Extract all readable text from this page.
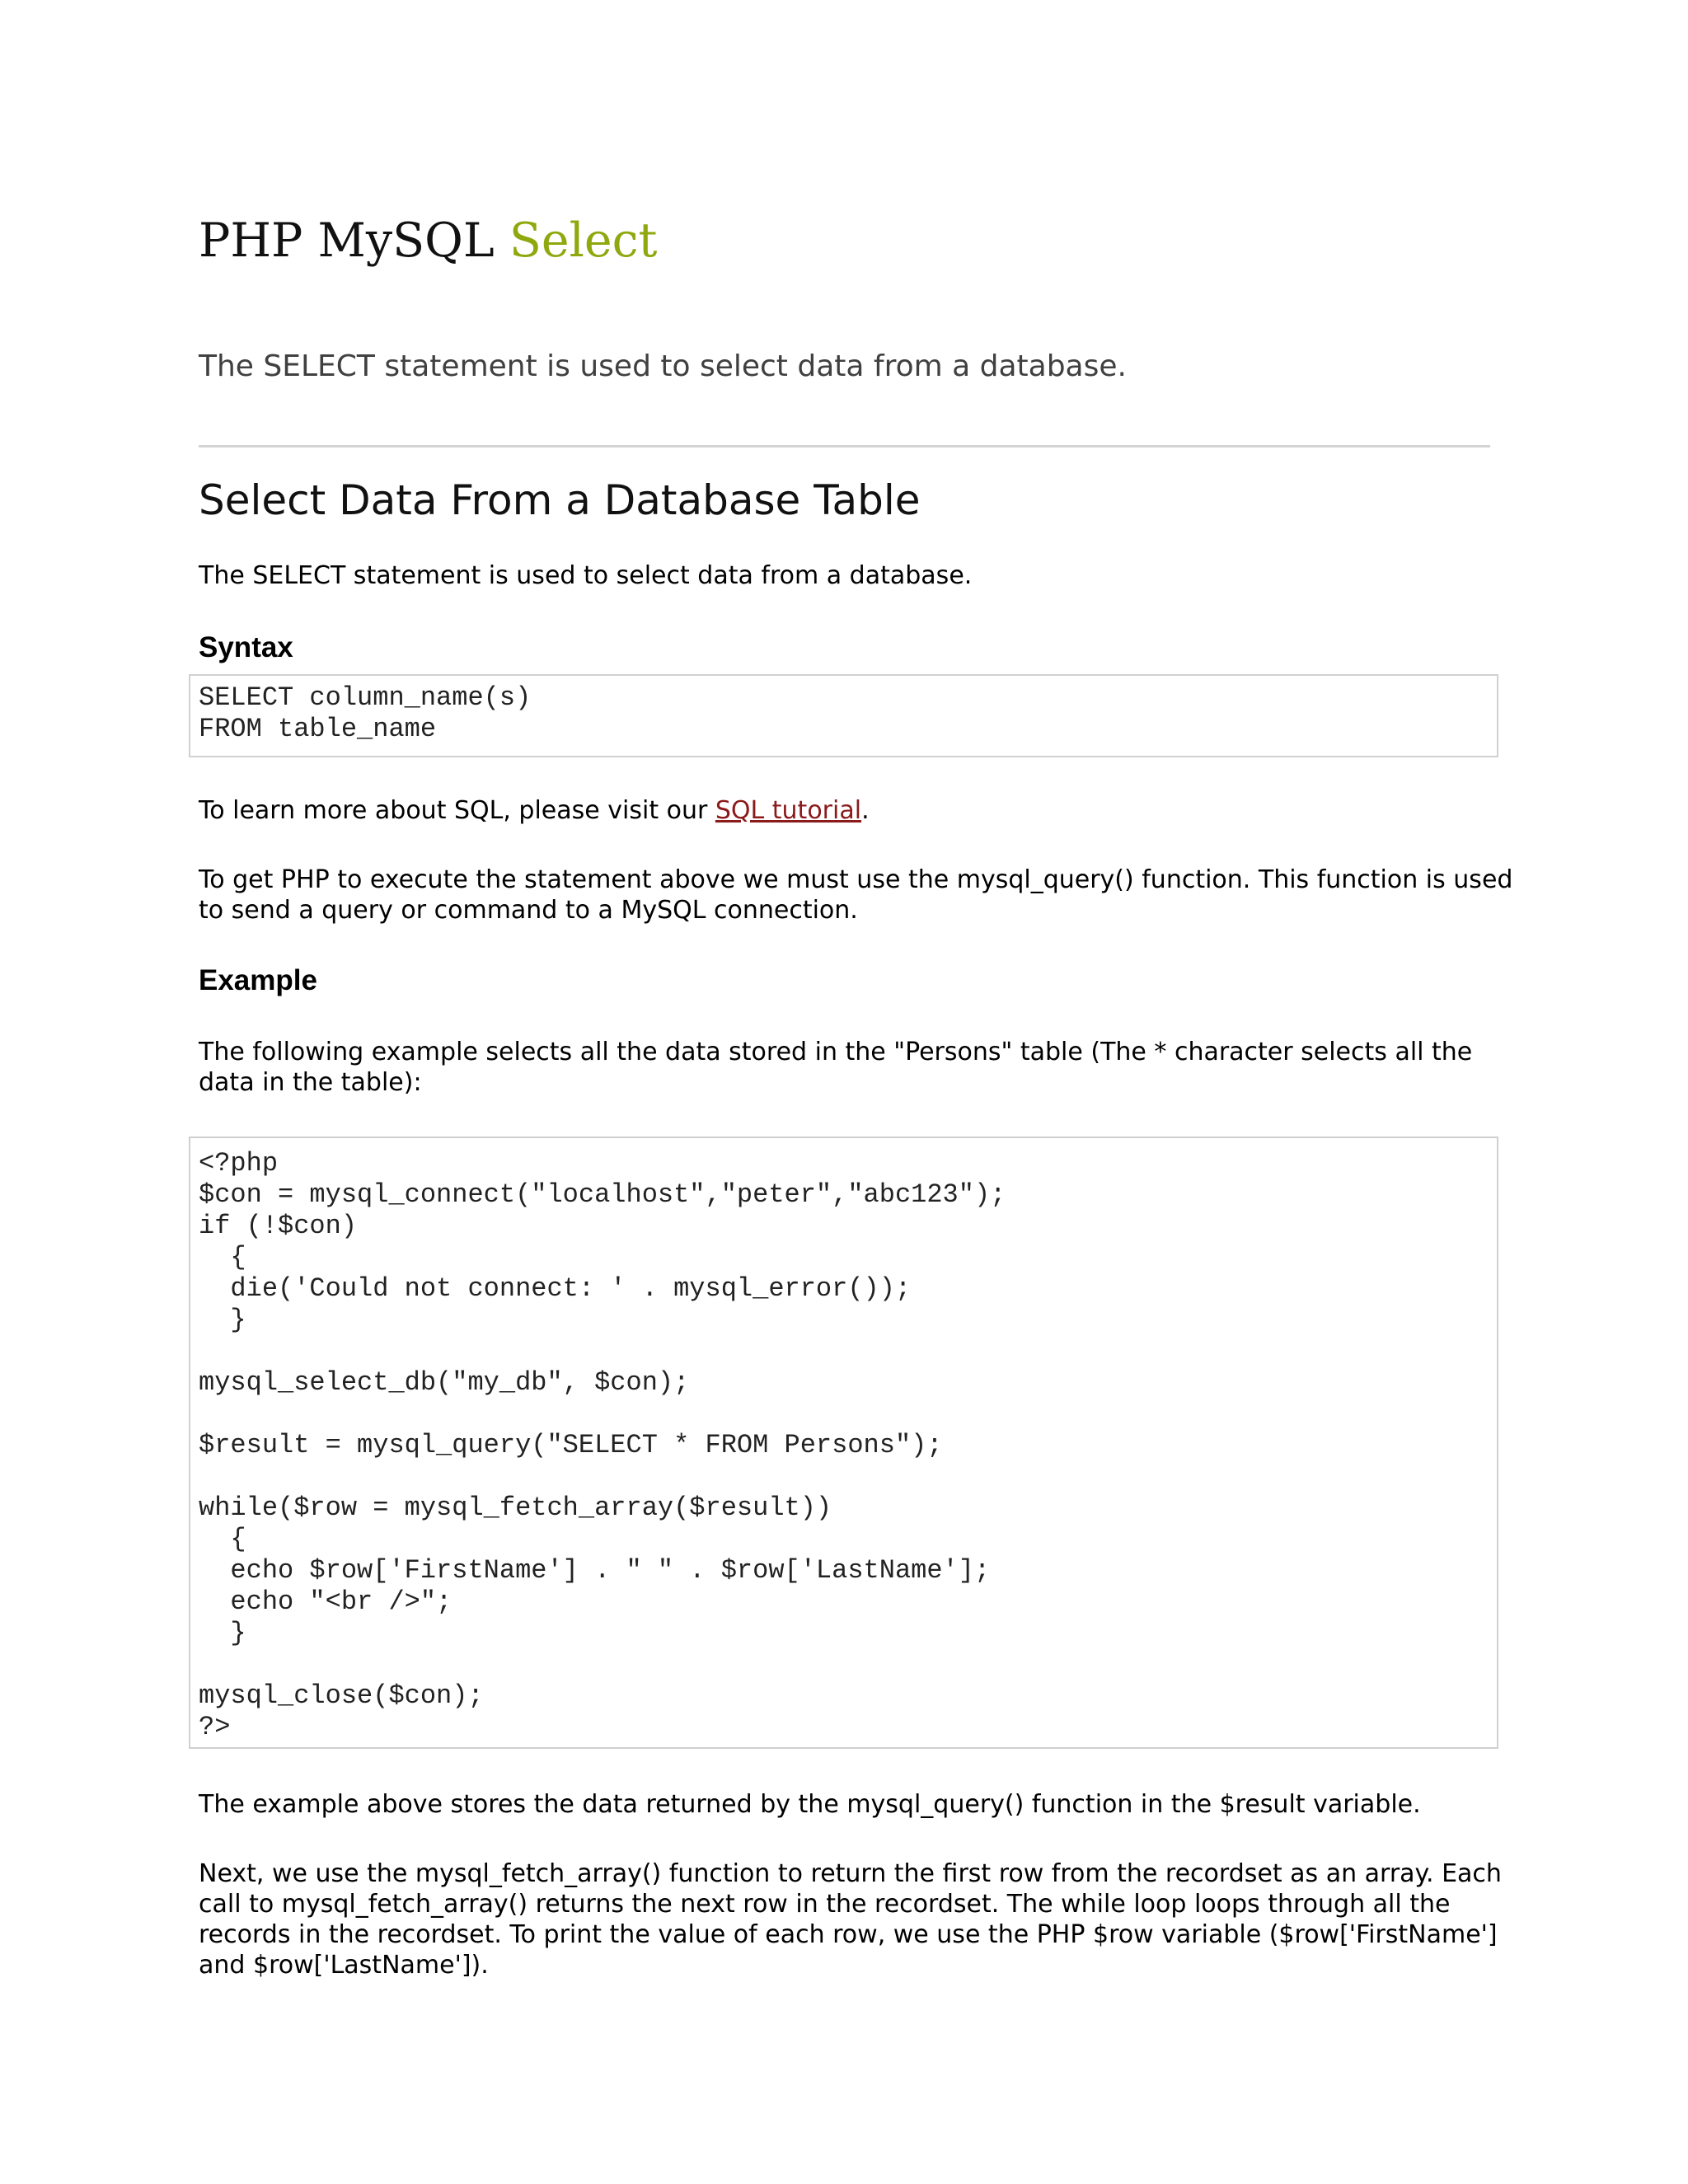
PHP MySQL Select

The SELECT statement is used to select data from a database.

Select Data From a Database Table

The SELECT statement is used to select data from a database.

Syntax
SELECT column_name(s)
FROM table_name

To learn more about SQL, please visit our SQL tutorial.

To get PHP to execute the statement above we must use the mysql_query() function. This function is used to send a query or command to a MySQL connection.

Example

The following example selects all the data stored in the "Persons" table (The * character selects all the data in the table):

<?php
$con = mysql_connect("localhost","peter","abc123");
if (!$con)
{
die('Could not connect: ' . mysql_error());
}

mysql_select_db("my_db", $con);

$result = mysql_query("SELECT * FROM Persons");

while($row = mysql_fetch_array($result))
{
echo $row['FirstName'] . " " . $row['LastName'];
echo "<br />";
}

mysql_close($con);
?>

The example above stores the data returned by the mysql_query() function in the $result variable.

Next, we use the mysql_fetch_array() function to return the first row from the recordset as an array. Each call to mysql_fetch_array() returns the next row in the recordset. The while loop loops through all the records in the recordset. To print the value of each row, we use the PHP $row variable ($row['FirstName'] and $row['LastName']).
